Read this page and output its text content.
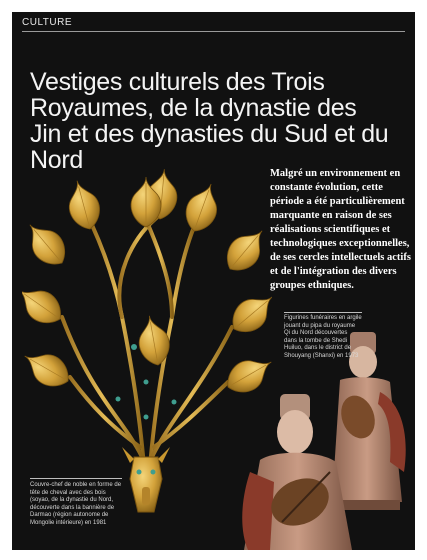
CULTURE
Vestiges culturels des Trois Royaumes, de la dynastie des Jin et des dynasties du Sud et du Nord	Malgré un environnement en constante évolution, cette période a été particulièrement marquante en raison de ses réalisations scientifiques et technologiques exceptionnelles, de ses cercles intellectuels actifs et de l'intégration des divers groupes ethniques.

Figurines funéraires en argile jouant du pipa du royaume Qi du Nord découvertes dans la tombe de Shedi Huiluo, dans le district de Shouyang (Shanxi) en 1973
Couvre-chef de noble en forme de tête de cheval avec des bois (soyao, de la dynastie du Nord, découverte dans la bannière de Darmao (région autonome de Mongolie intérieure) en 1981
